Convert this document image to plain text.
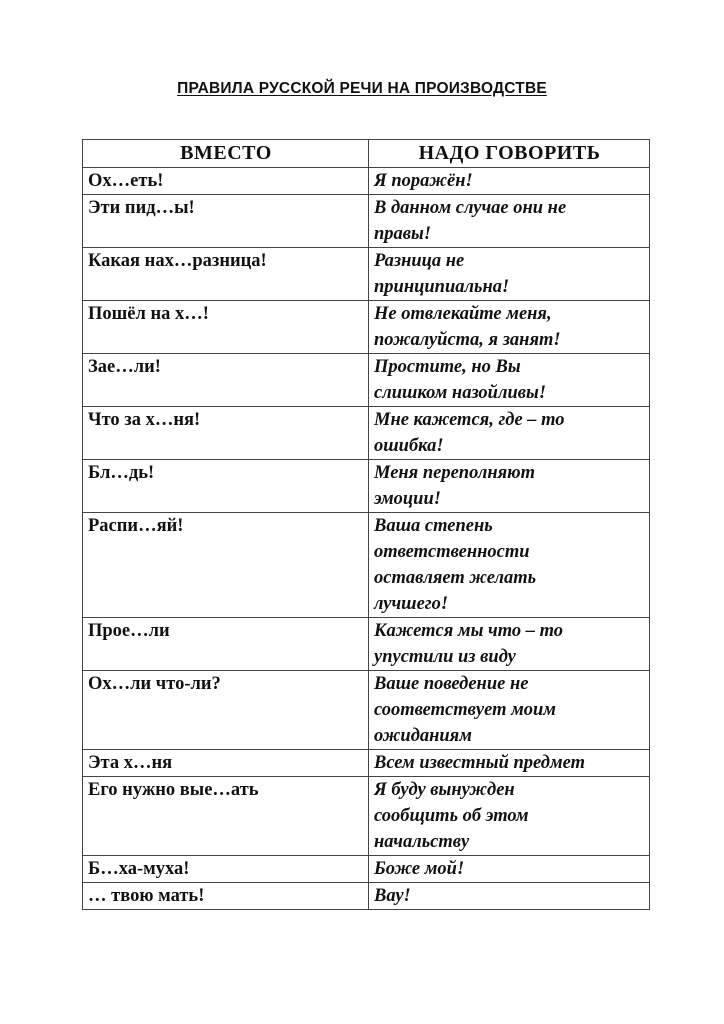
ПРАВИЛА РУССКОЙ РЕЧИ НА ПРОИЗВОДСТВЕ
ВМЕСТО	НАДО ГОВОРИТЬ
Ох…еть!	Я поражён!

Эти пид…ы!	В данном случае они не
правы!

Какая нах…разница!	Разница не
принципиальна!

Пошёл на х…!	Не отвлекайте меня,
пожалуйста, я занят!

Зае…ли!	Простите, но Вы
слишком назойливы!

Что за х…ня!	Мне кажется, где – то
ошибка!

Бл…дь!	Меня переполняют
эмоции!

Распи…яй!	Ваша степень
ответственности
оставляет желать
лучшего!

Прое…ли	Кажется мы что – то
упустили из виду

Ох…ли что-ли?	Ваше поведение не
соответствует моим
ожиданиям

Эта х…ня	Всем известный предмет

Его нужно вые…ать	Я буду вынужден
сообщить об этом
начальству

Б…ха-муха!	Боже мой!

… твою мать!	Вау!
